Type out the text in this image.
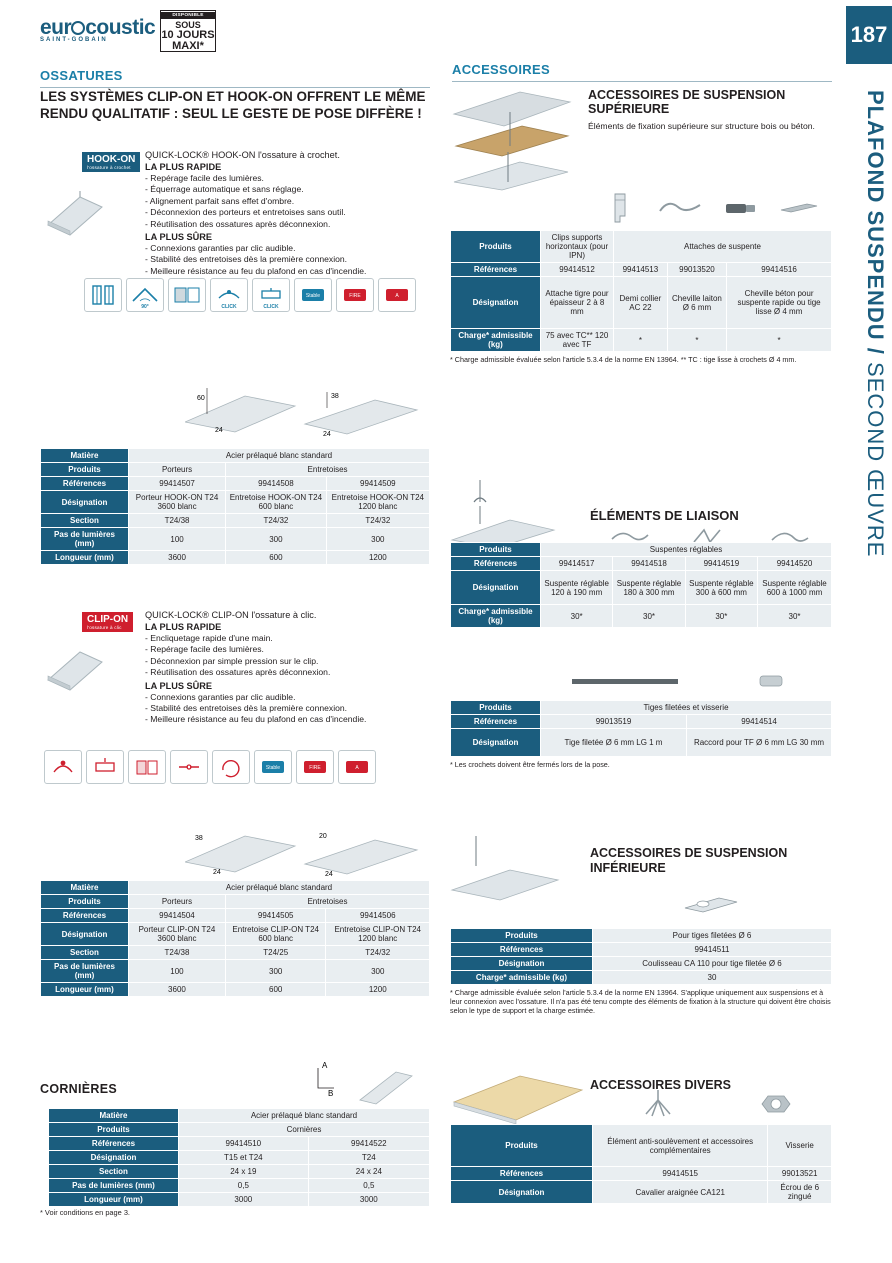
187
PLAFOND SUSPENDU / SECOND ŒUVRE
eur coustic
SAINT-GOBAIN
DISPONIBLE
SOUS
10 JOURS
MAXI*
OSSATURES
LES SYSTÈMES CLIP-ON ET HOOK-ON OFFRENT LE MÊME RENDU QUALITATIF : SEUL LE GESTE DE POSE DIFFÈRE !
HOOK-ON
l'ossature à crochet
QUICK-LOCK® HOOK-ON l'ossature à crochet.
LA PLUS RAPIDE
- Repérage facile des lumières.
- Équerrage automatique et sans réglage.
- Alignement parfait sans effet d'ombre.
- Déconnexion des porteurs et entretoises sans outil.
- Réutilisation des ossatures après déconnexion.
LA PLUS SÛRE
- Connexions garanties par clic audible.
- Stabilité des entretoises dès la première connexion.
- Meilleure résistance au feu du plafond en cas d'incendie.
90°	CLICK	CLICK
Stable	FIRE	A
60
24
38
24
Matière	Acier prélaqué blanc standard		
Produits	Porteurs	Entretoises	
Références	99414507	99414508	99414509
Désignation	Porteur HOOK-ON T24 3600 blanc	Entretoise HOOK-ON T24 600 blanc	Entretoise HOOK-ON T24 1200 blanc
Section	T24/38	T24/32	T24/32
Pas de lumières (mm)	100	300	300
Longueur (mm)	3600	600	1200
CLIP-ON
l'ossature à clic
QUICK-LOCK® CLIP-ON l'ossature à clic.
LA PLUS RAPIDE
- Encliquetage rapide d'une main.
- Repérage facile des lumières.
- Déconnexion par simple pression sur le clip.
- Réutilisation des ossatures après déconnexion.
LA PLUS SÛRE
- Connexions garanties par clic audible.
- Stabilité des entretoises dès la première connexion.
- Meilleure résistance au feu du plafond en cas d'incendie.
Stable	FIRE	A
38
24
20
24
Matière	Acier prélaqué blanc standard		
Produits	Porteurs	Entretoises	
Références	99414504	99414505	99414506
Désignation	Porteur CLIP-ON T24 3600 blanc	Entretoise CLIP-ON T24 600 blanc	Entretoise CLIP-ON T24 1200 blanc
Section	T24/38	T24/25	T24/32
Pas de lumières (mm)	100	300	300
Longueur (mm)	3600	600	1200
A
B
CORNIÈRES
Matière	Acier prélaqué blanc standard	
Produits	Cornières	
Références	99414510	99414522
Désignation	T15 et T24	T24
Section	24 x 19	24 x 24
Pas de lumières (mm)	0,5	0,5
Longueur (mm)	3000	3000
* Voir conditions en page 3.
ACCESSOIRES
ACCESSOIRES DE SUSPENSION SUPÉRIEURE
Éléments de fixation supérieure sur structure bois ou béton.
Produits	Clips supports horizontaux (pour IPN)	Attaches de suspente		
Références	99414512	99414513	99013520	99414516
Désignation	Attache tigre pour épaisseur 2 à 8 mm	Demi collier AC 22	Cheville laiton Ø 6 mm	Cheville béton pour suspente rapide ou tige lisse Ø 4 mm
Charge* admissible (kg)	75 avec TC** 120 avec TF	*	*	*
* Charge admissible évaluée selon l'article 5.3.4 de la norme EN 13964. ** TC : tige lisse à crochets Ø 4 mm.
ÉLÉMENTS DE LIAISON
Produits	Suspentes réglables			
Références	99414517	99414518	99414519	99414520
Désignation	Suspente réglable 120 à 190 mm	Suspente réglable 180 à 300 mm	Suspente réglable 300 à 600 mm	Suspente réglable 600 à 1000 mm
Charge* admissible (kg)	30*	30*	30*	30*
Produits	Tiges filetées et visserie	
Références	99013519	99414514
Désignation	Tige filetée Ø 6 mm LG 1 m	Raccord pour TF Ø 6 mm LG 30 mm
* Les crochets doivent être fermés lors de la pose.
ACCESSOIRES DE SUSPENSION INFÉRIEURE
Produits	Pour tiges filetées Ø 6
Références	99414511
Désignation	Coulisseau CA 110 pour tige filetée Ø 6
Charge* admissible (kg)	30
* Charge admissible évaluée selon l'article 5.3.4 de la norme EN 13964. S'applique uniquement aux suspensions et à leur connexion avec l'ossature. Il n'a pas été tenu compte des éléments de fixation à la structure qui doivent être choisis selon le type de support et la charge estimée.
ACCESSOIRES DIVERS
Produits	Élément anti-soulèvement et accessoires complémentaires	Visserie
Références	99414515	99013521
Désignation	Cavalier araignée CA121	Écrou de 6 zingué
